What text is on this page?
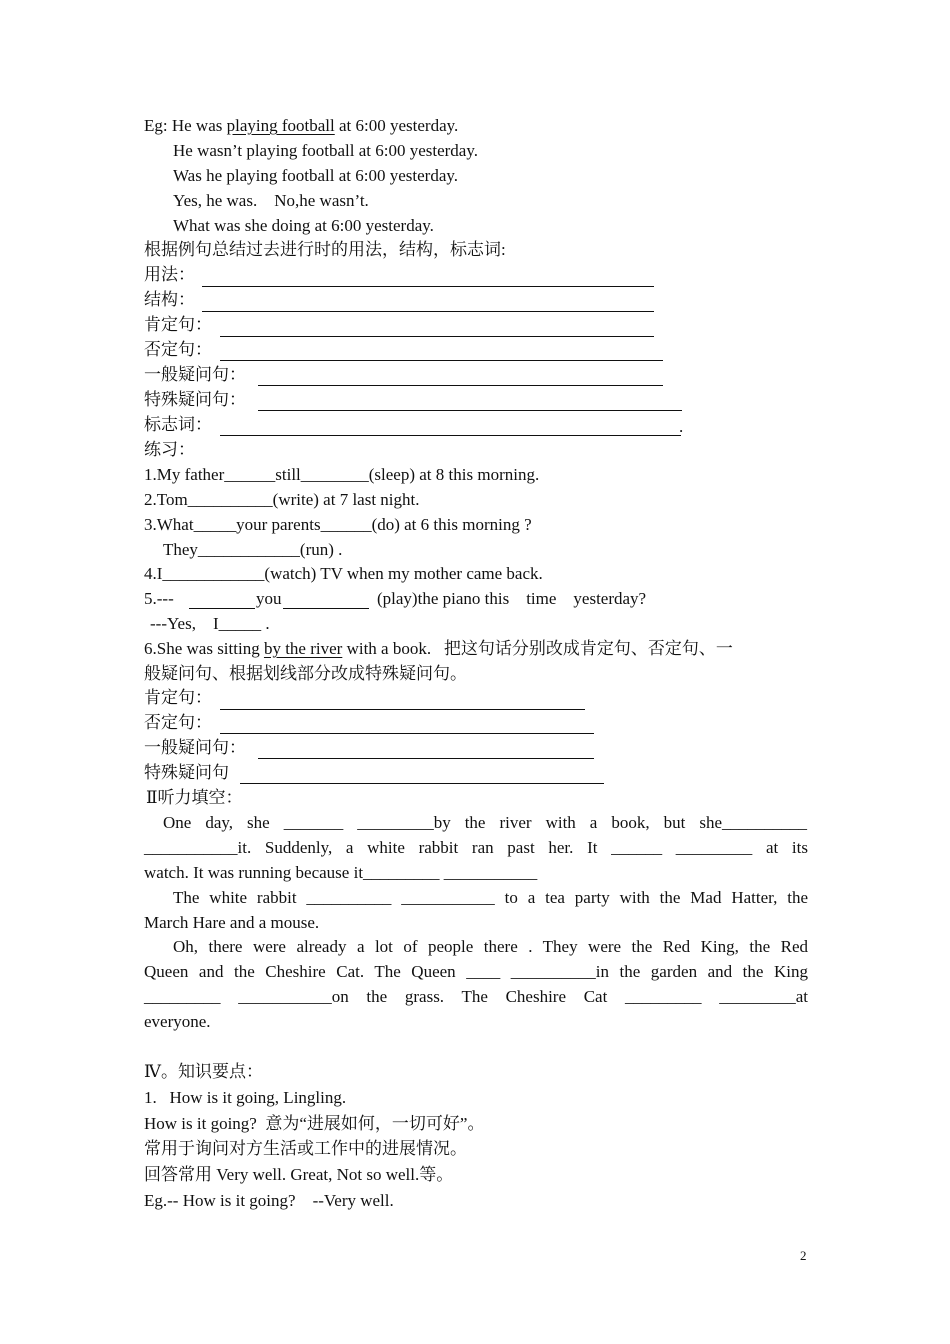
Eg: He was playing football at 6:00 yesterday.
He wasn’t playing football at 6:00 yesterday.
Was he playing football at 6:00 yesterday.
Yes, he was.    No,he wasn’t.
What was she doing at 6:00 yesterday.
根据例句总结过去进行时的用法，结构，标志词:
用法：
结构：
肯定句：
否定句：
一般疑问句：
特殊疑问句：
标志词：	.
练习：
1.My father______still________(sleep) at 8 this morning.
2.Tom__________(write) at 7 last night.
3.What_____your parents______(do) at 6 this morning ?
They____________(run) .
4.I____________(watch) TV when my mother came back.
5.---	you	(play)the piano this    time    yesterday?
---Yes,    I_____ .
6.She was sitting by the river with a book.   把这句话分别改成肯定句、否定句、一
般疑问句、根据划线部分改成特殊疑问句。
肯定句：
否定句：
一般疑问句：
特殊疑问句
Ⅱ听力填空：
One day, she _______ _________by the river with a book, but she__________
___________it. Suddenly, a white rabbit ran past her. It ______ _________ at its
watch. It was running because it_________ ___________
The white rabbit __________ ___________ to a tea party with the Mad Hatter, the
March Hare and a mouse.
Oh, there were already a lot of people there . They were the Red King, the Red
Queen and the Cheshire Cat. The Queen ____ __________in the garden and the King
_________ ___________on the grass. The Cheshire Cat _________ _________at
everyone.
Ⅳ。知识要点：
1.   How is it going, Lingling.
How is it going?  意为“进展如何，一切可好”。
常用于询问对方生活或工作中的进展情况。
回答常用 Very well. Great, Not so well.等。
Eg.-- How is it going?    --Very well.
2
